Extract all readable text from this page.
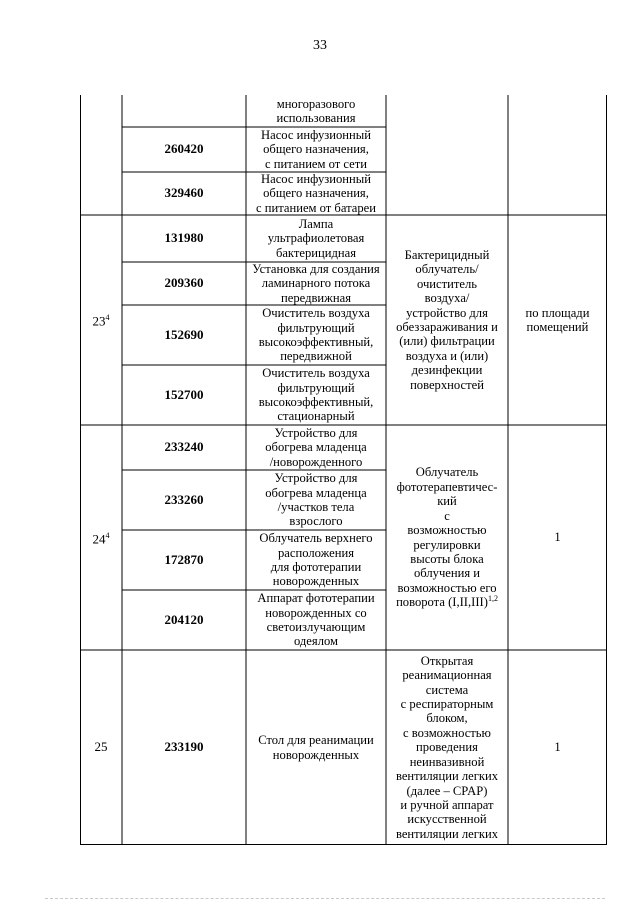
33
многоразового
использования
260420
Насос инфузионный
общего назначения,
с питанием от сети
329460
Насос инфузионный
общего назначения,
с питанием от батареи
$23^4$
131980
Лампа
ультрафиолетовая
бактерицидная
209360
Установка для создания
ламинарного потока
передвижная
152690
Очиститель воздуха
фильтрующий
высокоэффективный,
передвижной
152700
Очиститель воздуха
фильтрующий
высокоэффективный,
стационарный
Бактерицидный
облучатель/
очиститель
воздуха/
устройство для
обеззараживания и
(или) фильтрации
воздуха и (или)
дезинфекции
поверхностей
по площади
помещений
$24^4$
233240
Устройство для
обогрева младенца
/новорожденного
233260
Устройство для
обогрева младенца
/участков тела
взрослого
172870
Облучатель верхнего
расположения
для фототерапии
новорожденных
204120
Аппарат фототерапии
новорожденных со
светоизлучающим
одеялом
Облучатель
фототерапевтичес-
кий
с
возможностью
регулировки
высоты блока
облучения и
возможностью его
поворота $(I,II,III)^{1,2}$
1
25	233190	Стол для реанимации
новорожденных
Открытая
реанимационная
система
с респираторным
блоком,
с возможностью
проведения
неинвазивной
вентиляции легких
(далее – CPAP)
и ручной аппарат
искусственной
вентиляции легких
1
